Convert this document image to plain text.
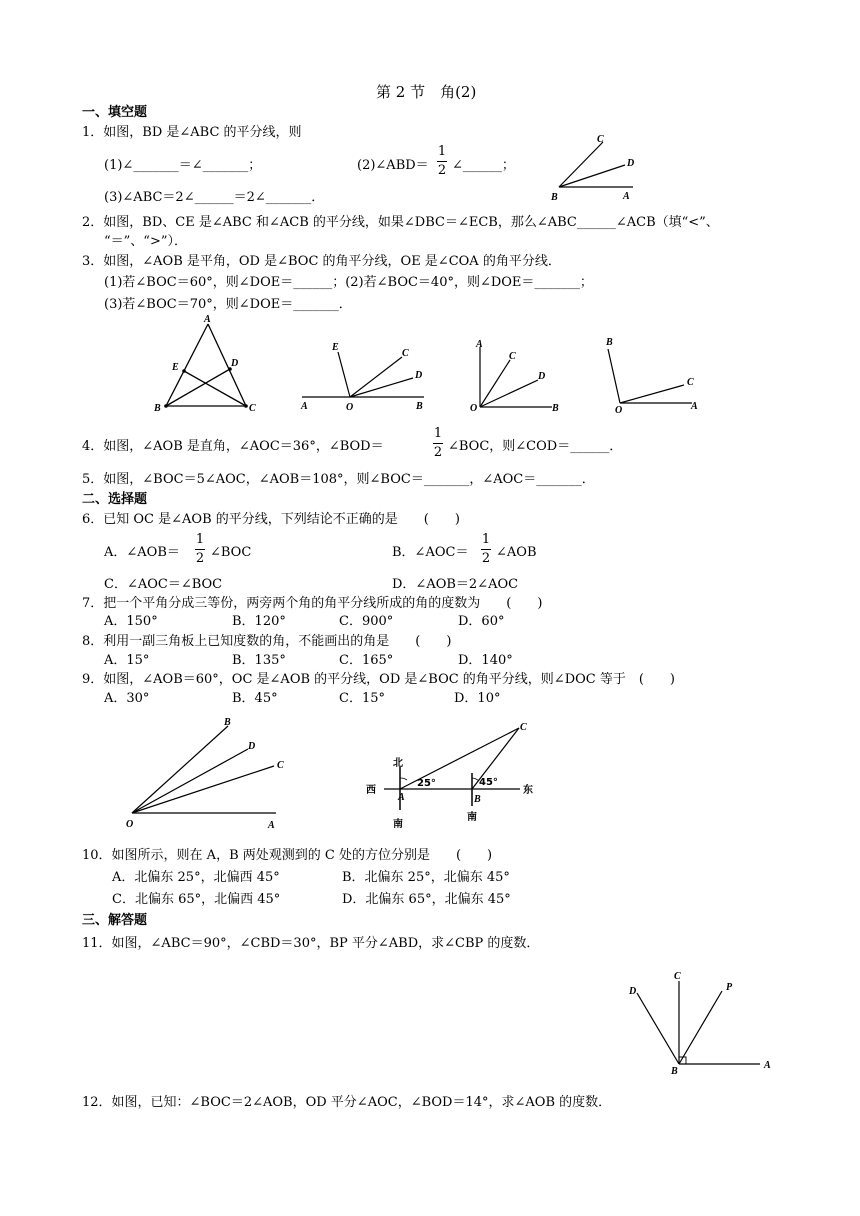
第 2 节　角(2)
一、填空题
1．如图，BD 是∠ABC 的平分线，则
(1)∠_______＝∠_______；	(2)∠ABD＝
1
2 ∠______；
(3)∠ABC＝2∠______＝2∠_______．
C
D
A
B
2．如图，BD、CE 是∠ABC 和∠ACB 的平分线，如果∠DBC＝∠ECB，那么∠ABC______∠ACB（填“<”、
“＝”、“>”）．
3．如图，∠AOB 是平角，OD 是∠BOC 的角平分线，OE 是∠COA 的角平分线．
(1)若∠BOC＝60°，则∠DOE＝______；(2)若∠BOC＝40°，则∠DOE＝_______；
(3)若∠BOC＝70°，则∠DOE＝_______．
A
E	D
B	C
E
C
D
A	O	B
A
C
D
O	B
B
C
O	A
4．如图，∠AOB 是直角，∠AOC＝36°，∠BOD＝
1
2 ∠BOC，则∠COD＝______．
5．如图，∠BOC＝5∠AOC，∠AOB＝108°，则∠BOC＝_______，∠AOC＝_______．
二、选择题
6．已知 OC 是∠AOB 的平分线，下列结论不正确的是　　(　　)
A．∠AOB＝
1
2 ∠BOC	B．∠AOC＝
1
2 ∠AOB
C．∠AOC＝∠BOC	D．∠AOB＝2∠AOC
7．把一个平角分成三等份，两旁两个角的角平分线所成的角的度数为　　(　　)
A．150°	B．120°	C．900°	D．60°
8．利用一副三角板上已知度数的角，不能画出的角是　　(　　)
A．15°	B．135°	C．165°	D．140°
9．如图，∠AOB＝60°，OC 是∠AOB 的平分线，OD 是∠BOC 的角平分线，则∠DOC 等于　(　　)
A．30°	B．45°	C．15°	D．10°
B
D
C
O	A
北
南
西
南
东
25°	45°
A	B
C
10．如图所示，则在 A，B 两处观测到的 C 处的方位分别是　　(　　)
A．北偏东 25°，北偏西 45°	B．北偏东 25°，北偏东 45°
C．北偏东 65°，北偏西 45°	D．北偏东 65°，北偏东 45°
三、解答题
11．如图，∠ABC＝90°，∠CBD＝30°，BP 平分∠ABD，求∠CBP 的度数．
C
D	P
B
A
12．如图，已知：∠BOC＝2∠AOB，OD 平分∠AOC，∠BOD＝14°，求∠AOB 的度数．
